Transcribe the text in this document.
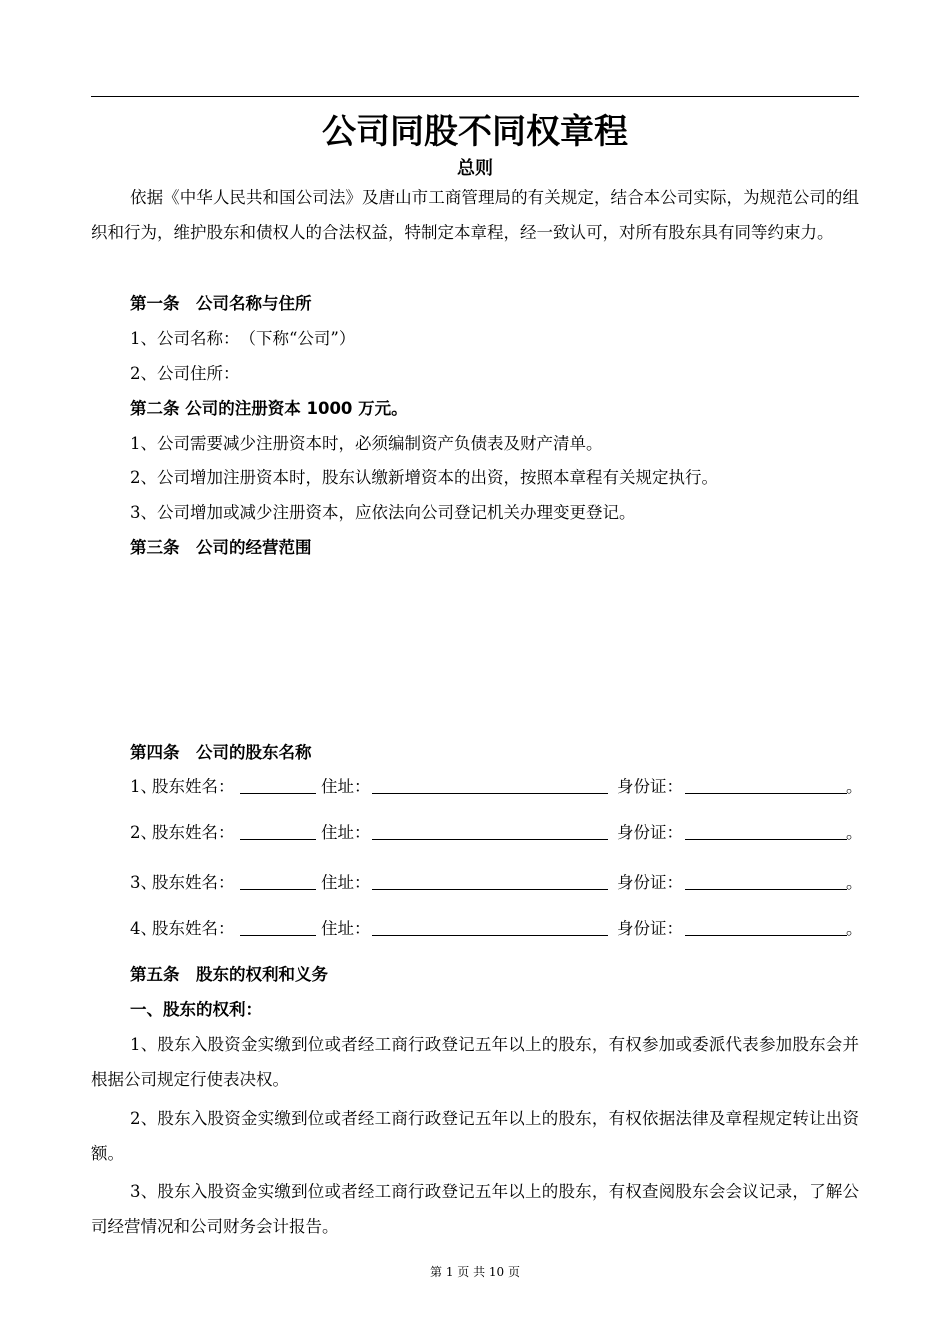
公司同股不同权章程
总则
依据《中华人民共和国公司法》及唐山市工商管理局的有关规定，结合本公司实际，为规范公司的组织和行为，维护股东和债权人的合法权益，特制定本章程，经一致认可，对所有股东具有同等约束力。
第一条　公司名称与住所
1、公司名称：　（下称“公司”）
2、公司住所：
第二条 公司的注册资本 1000 万元。
1、公司需要减少注册资本时，必须编制资产负债表及财产清单。
2、公司增加注册资本时，股东认缴新增资本的出资，按照本章程有关规定执行。
3、公司增加或减少注册资本，应依法向公司登记机关办理变更登记。
第三条　公司的经营范围
第四条　公司的股东名称
1、
股东姓名：	住址：	身份证：	。
2、
股东姓名：	住址：	身份证：	。
3、
股东姓名：	住址：	身份证：	。
4、
股东姓名：	住址：	身份证：	。
第五条　股东的权利和义务
一、股东的权利：
1、股东入股资金实缴到位或者经工商行政登记五年以上的股东，有权参加或委派代表参加股东会并根据公司规定行使表决权。
2、股东入股资金实缴到位或者经工商行政登记五年以上的股东，有权依据法律及章程规定转让出资额。
3、股东入股资金实缴到位或者经工商行政登记五年以上的股东，有权查阅股东会会议记录，了解公司经营情况和公司财务会计报告。
第 1 页 共 10 页
